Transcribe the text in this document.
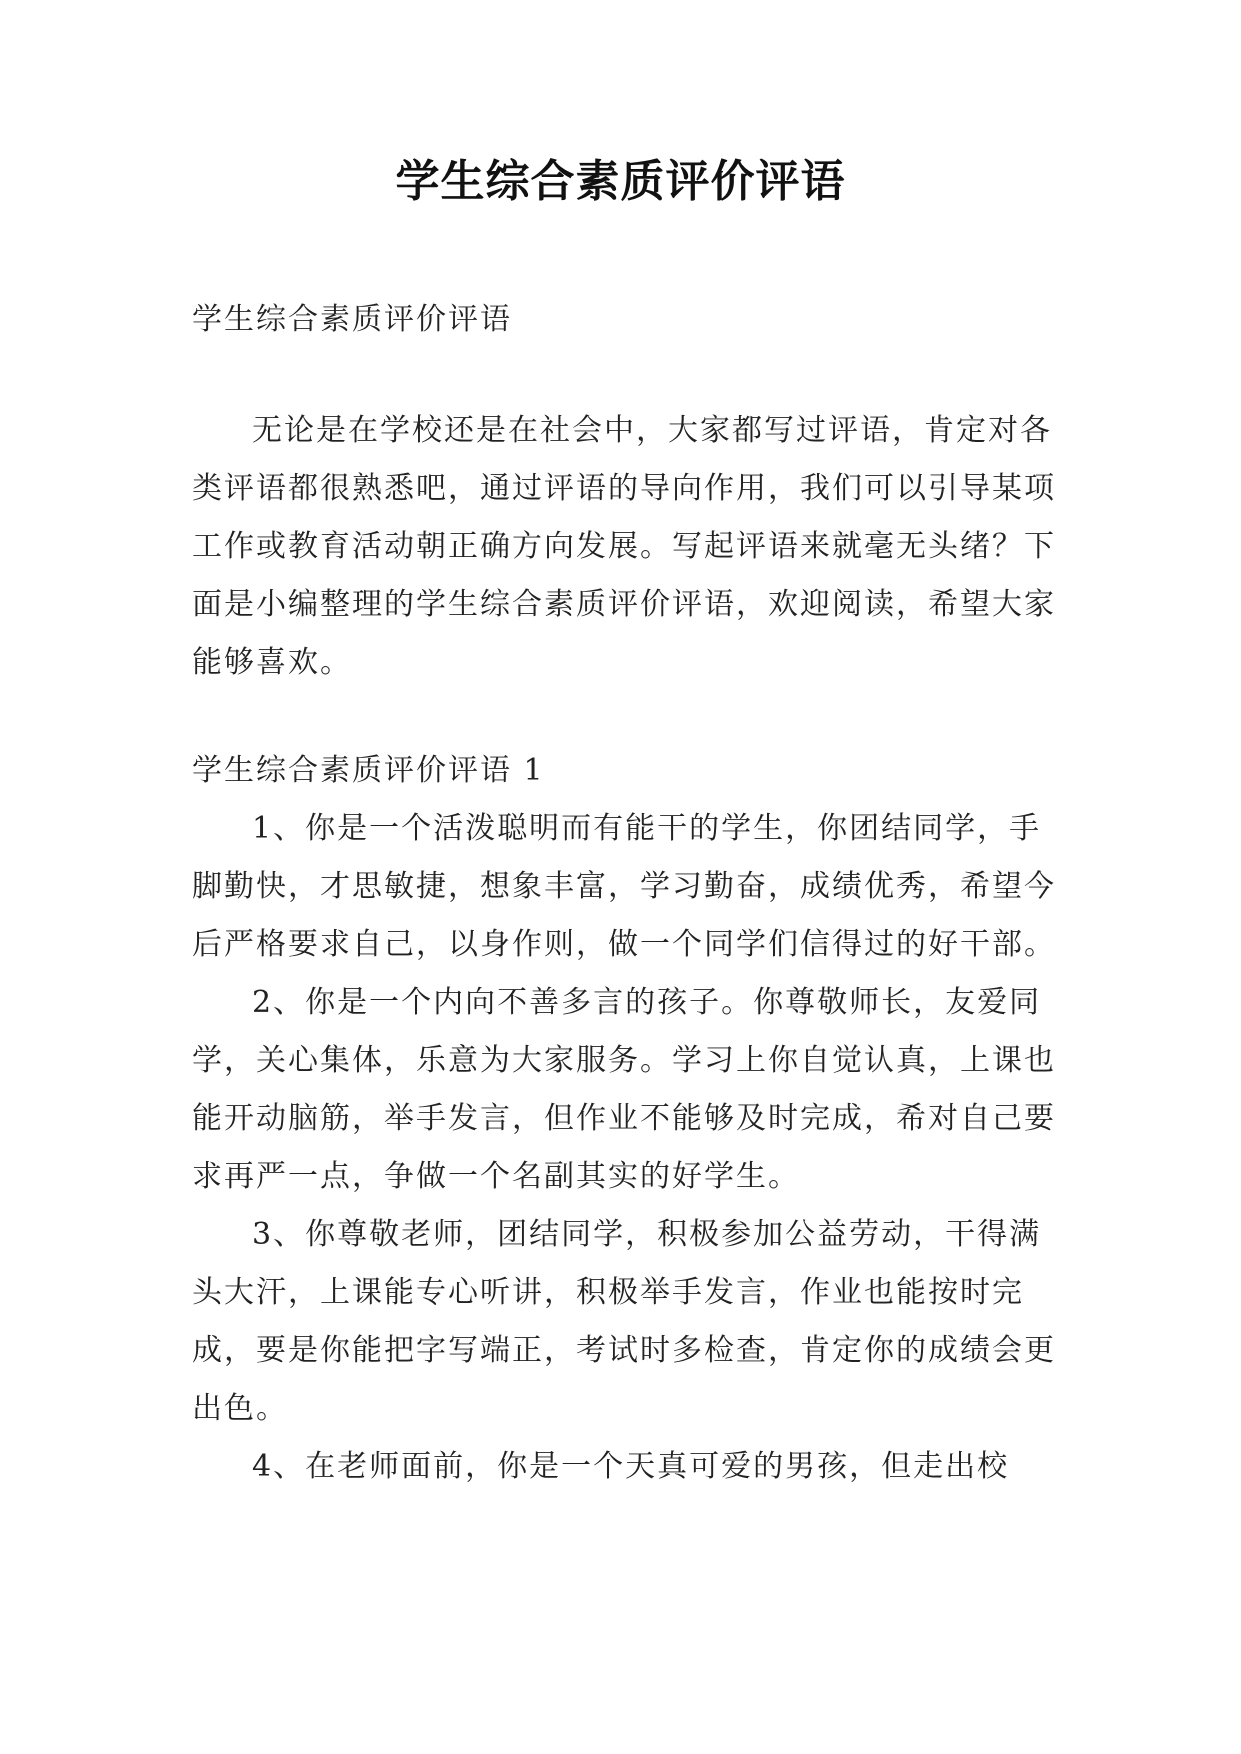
学生综合素质评价评语

学生综合素质评价评语

无论是在学校还是在社会中，大家都写过评语，肯定对各类评语都很熟悉吧，通过评语的导向作用，我们可以引导某项工作或教育活动朝正确方向发展。写起评语来就毫无头绪？下面是小编整理的学生综合素质评价评语，欢迎阅读，希望大家能够喜欢。

学生综合素质评价评语 1

1、你是一个活泼聪明而有能干的学生，你团结同学，手脚勤快，才思敏捷，想象丰富，学习勤奋，成绩优秀，希望今后严格要求自己，以身作则，做一个同学们信得过的好干部。

2、你是一个内向不善多言的孩子。你尊敬师长，友爱同学，关心集体，乐意为大家服务。学习上你自觉认真，上课也能开动脑筋，举手发言，但作业不能够及时完成，希对自己要求再严一点，争做一个名副其实的好学生。

3、你尊敬老师，团结同学，积极参加公益劳动，干得满头大汗，上课能专心听讲，积极举手发言，作业也能按时完成，要是你能把字写端正，考试时多检查，肯定你的成绩会更出色。

4、在老师面前，你是一个天真可爱的男孩，但走出校
